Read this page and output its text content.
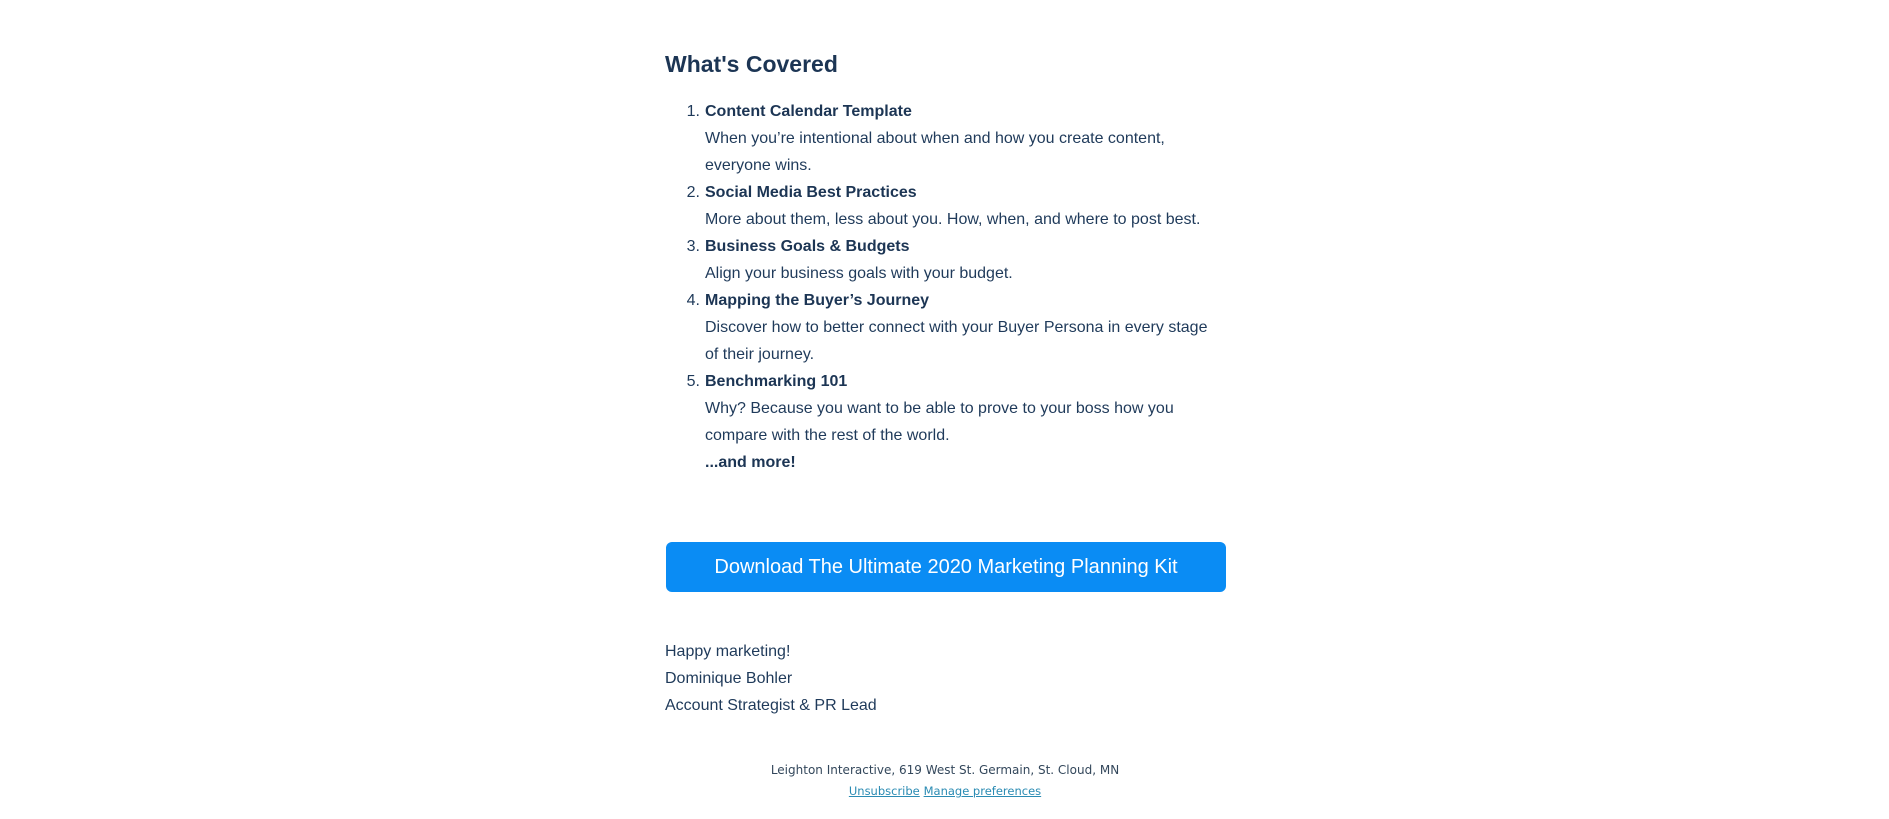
What's Covered
1. Content Calendar Template
When you’re intentional about when and how you create content, everyone wins.
2. Social Media Best Practices
More about them, less about you. How, when, and where to post best.
3. Business Goals & Budgets
Align your business goals with your budget.
4. Mapping the Buyer’s Journey
Discover how to better connect with your Buyer Persona in every stage of their journey.
5. Benchmarking 101
Why? Because you want to be able to prove to your boss how you compare with the rest of the world.
...and more!
Download The Ultimate 2020 Marketing Planning Kit
Happy marketing!
Dominique Bohler
Account Strategist & PR Lead
Leighton Interactive, 619 West St. Germain, St. Cloud, MN
Unsubscribe Manage preferences
